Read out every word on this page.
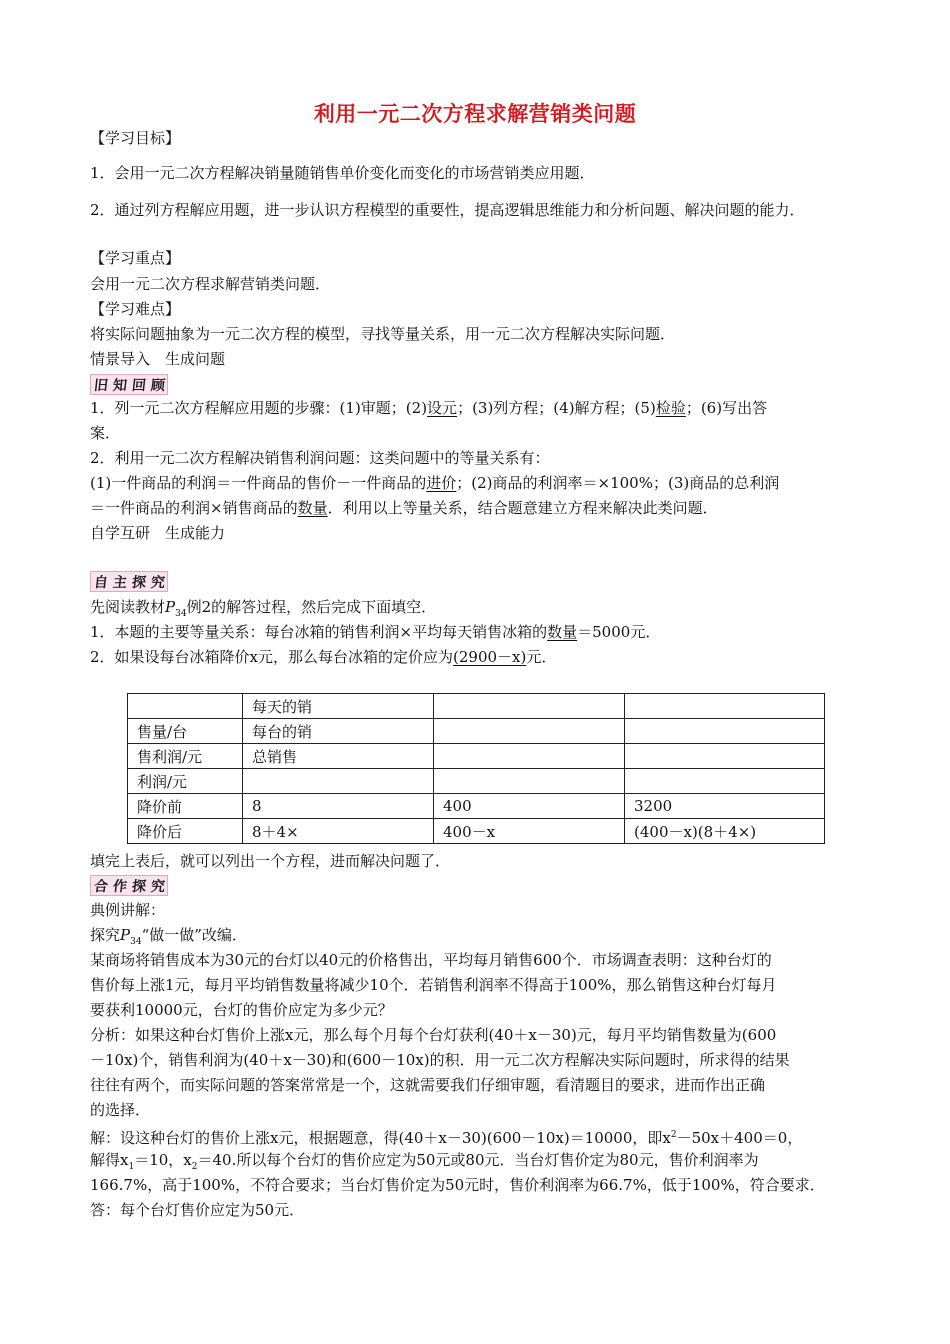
利用一元二次方程求解营销类问题
【学习目标】
1．会用一元二次方程解决销量随销售单价变化而变化的市场营销类应用题．
2．通过列方程解应用题，进一步认识方程模型的重要性，提高逻辑思维能力和分析问题、解决问题的能力．
【学习重点】
会用一元二次方程求解营销类问题．
【学习难点】
将实际问题抽象为一元二次方程的模型，寻找等量关系，用一元二次方程解决实际问题．
情景导入　生成问题
旧 知 回 顾
1．列一元二次方程解应用题的步骤：(1)审题；(2)设元；(3)列方程；(4)解方程；(5)检验；(6)写出答
案．
2．利用一元二次方程解决销售利润问题：这类问题中的等量关系有：
(1)一件商品的利润＝一件商品的售价－一件商品的进价；(2)商品的利润率＝×100%；(3)商品的总利润
＝一件商品的利润×销售商品的数量．利用以上等量关系，结合题意建立方程来解决此类问题．
自学互研　生成能力
自 主 探 究
先阅读教材$P_{34}$例2的解答过程，然后完成下面填空．
1．本题的主要等量关系：每台冰箱的销售利润×平均每天销售冰箱的数量＝5000元．
2．如果设每台冰箱降价x元，那么每台冰箱的定价应为(2900－x)元．
	每天的销		
售量/台	每台的销		
售利润/元	总销售		
利润/元			
降价前	8	400	3200
降价后	8＋4×	400－x	(400－x)(8＋4×)
填完上表后，就可以列出一个方程，进而解决问题了．
合 作 探 究
典例讲解：
探究$P_{34}“$做一做”改编．
某商场将销售成本为30元的台灯以40元的价格售出，平均每月销售600个．市场调查表明：这种台灯的
售价每上涨1元，每月平均销售数量将减少10个．若销售利润率不得高于100%，那么销售这种台灯每月
要获利10000元，台灯的售价应定为多少元？
分析：如果这种台灯售价上涨x元，那么每个月每个台灯获利(40＋x－30)元，每月平均销售数量为(600
－10x)个，销售利润为(40＋x－30)和(600－10x)的积．用一元二次方程解决实际问题时，所求得的结果
往往有两个，而实际问题的答案常常是一个，这就需要我们仔细审题，看清题目的要求，进而作出正确
的选择．
解：设这种台灯的售价上涨x元，根据题意，得(40＋x－30)(600－10x)＝10000，即$x^2-50x+400=0$，
解得$x_1=10$，$x_2=40$.所以每个台灯的售价应定为50元或80元．当台灯售价定为80元，售价利润率为
166.7%，高于100%，不符合要求；当台灯售价定为50元时，售价利润率为66.7%，低于100%，符合要求．
答：每个台灯售价应定为50元．
